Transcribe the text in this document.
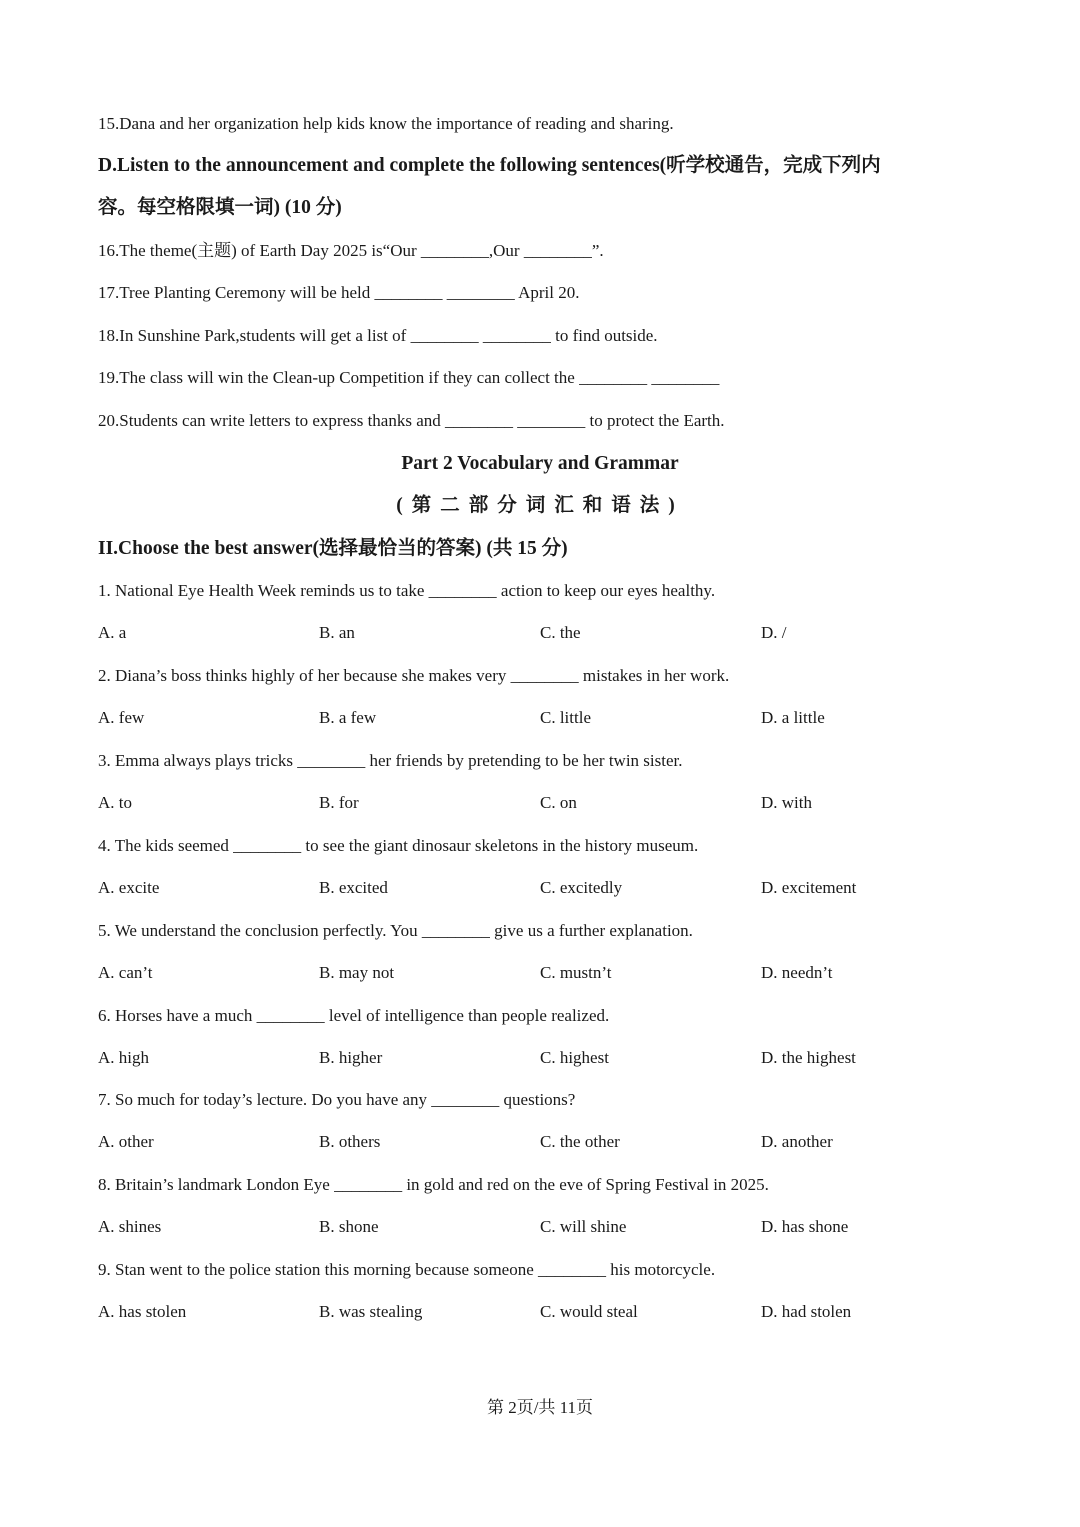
15.Dana and her organization help kids know the importance of reading and sharing.
D.Listen to the announcement and complete the following sentences(听学校通告，完成下列内
容。每空格限填一词) (10 分)
16.The theme(主题) of Earth Day 2025 is“Our ________,Our ________”.
17.Tree Planting Ceremony will be held ________ ________ April 20.
18.In Sunshine Park,students will get a list of ________ ________ to find outside.
19.The class will win the Clean-up Competition if they can collect the ________ ________
20.Students can write letters to express thanks and ________ ________ to protect the Earth.
Part 2 Vocabulary and Grammar
(第二部分词汇和语法)
II.Choose the best answer(选择最恰当的答案) (共 15 分)
1. National Eye Health Week reminds us to take ________ action to keep our eyes healthy.
A. a	B. an	C. the	D. /
2. Diana’s boss thinks highly of her because she makes very ________ mistakes in her work.
A. few	B. a few	C. little	D. a little
3. Emma always plays tricks ________ her friends by pretending to be her twin sister.
A. to	B. for	C. on	D. with
4. The kids seemed ________ to see the giant dinosaur skeletons in the history museum.
A. excite	B. excited	C. excitedly	D. excitement
5. We understand the conclusion perfectly. You ________ give us a further explanation.
A. can’t	B. may not	C. mustn’t	D. needn’t
6. Horses have a much ________ level of intelligence than people realized.
A. high	B. higher	C. highest	D. the highest
7. So much for today’s lecture. Do you have any ________ questions?
A. other	B. others	C. the other	D. another
8. Britain’s landmark London Eye ________ in gold and red on the eve of Spring Festival in 2025.
A. shines	B. shone	C. will shine	D. has shone
9. Stan went to the police station this morning because someone ________ his motorcycle.
A. has stolen	B. was stealing	C. would steal	D. had stolen
第 2页/共 11页
